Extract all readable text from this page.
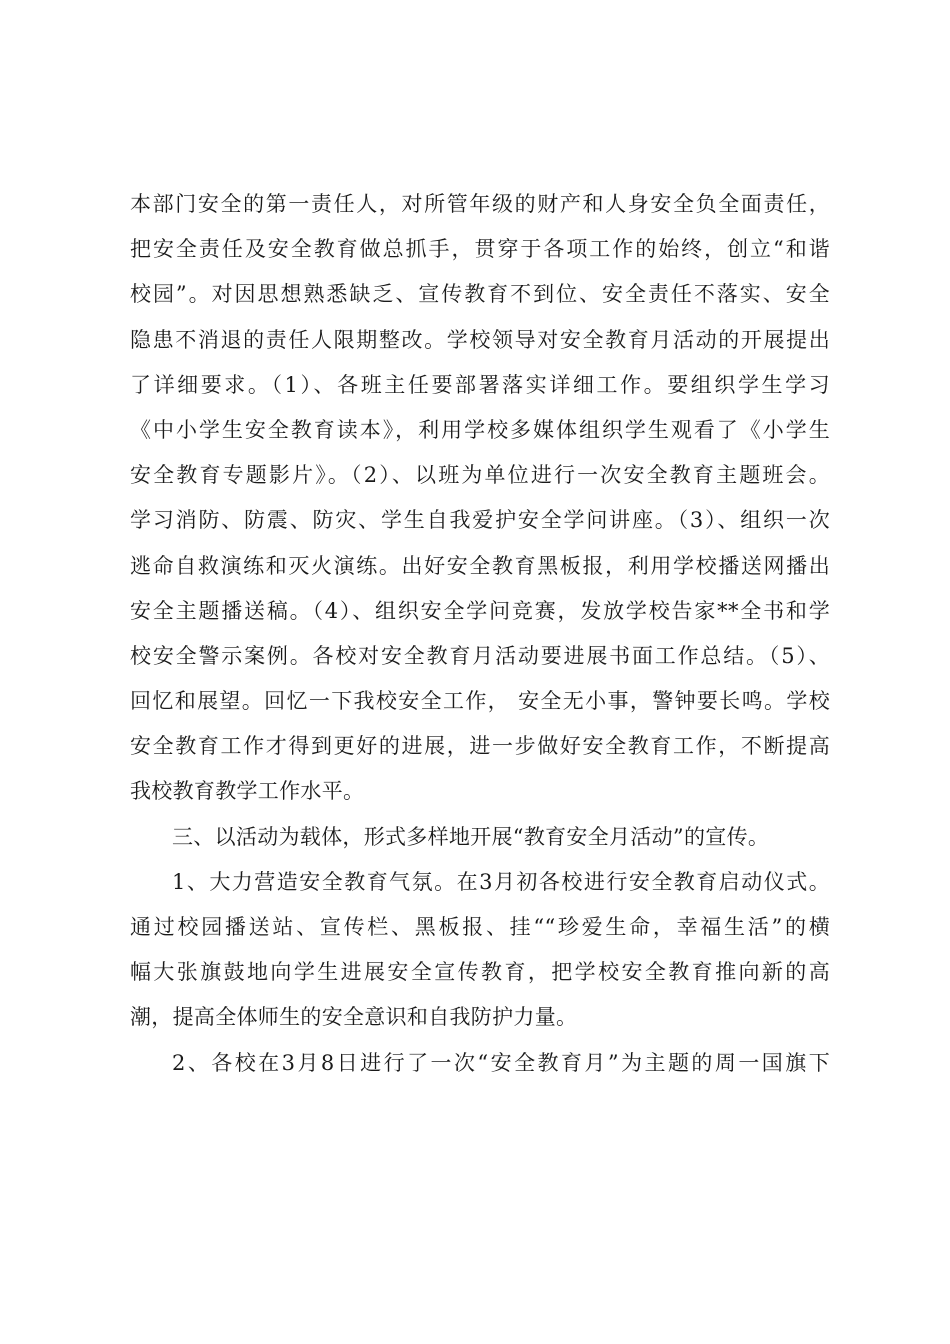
本部门安全的第一责任人，对所管年级的财产和人身安全负全面责任，
把安全责任及安全教育做总抓手，贯穿于各项工作的始终，创立“和谐
校园”。对因思想熟悉缺乏、宣传教育不到位、安全责任不落实、安全
隐患不消退的责任人限期整改。学校领导对安全教育月活动的开展提出
了详细要求。（1）、各班主任要部署落实详细工作。要组织学生学习
《中小学生安全教育读本》，利用学校多媒体组织学生观看了《小学生
安全教育专题影片》。（2）、以班为单位进行一次安全教育主题班会。
学习消防、防震、防灾、学生自我爱护安全学问讲座。（3）、组织一次
逃命自救演练和灭火演练。出好安全教育黑板报，利用学校播送网播出
安全主题播送稿。（4）、组织安全学问竞赛，发放学校告家**全书和学
校安全警示案例。各校对安全教育月活动要进展书面工作总结。（5）、
回忆和展望。回忆一下我校安全工作， 安全无小事，警钟要长鸣。学校
安全教育工作才得到更好的进展，进一步做好安全教育工作，不断提高
我校教育教学工作水平。
三、以活动为载体，形式多样地开展“教育安全月活动”的宣传。
1、大力营造安全教育气氛。在3月初各校进行安全教育启动仪式。
通过校园播送站、宣传栏、黑板报、挂““珍爱生命，幸福生活”的横
幅大张旗鼓地向学生进展安全宣传教育，把学校安全教育推向新的高
潮，提高全体师生的安全意识和自我防护力量。
2、各校在3月8日进行了一次“安全教育月”为主题的周一国旗下
